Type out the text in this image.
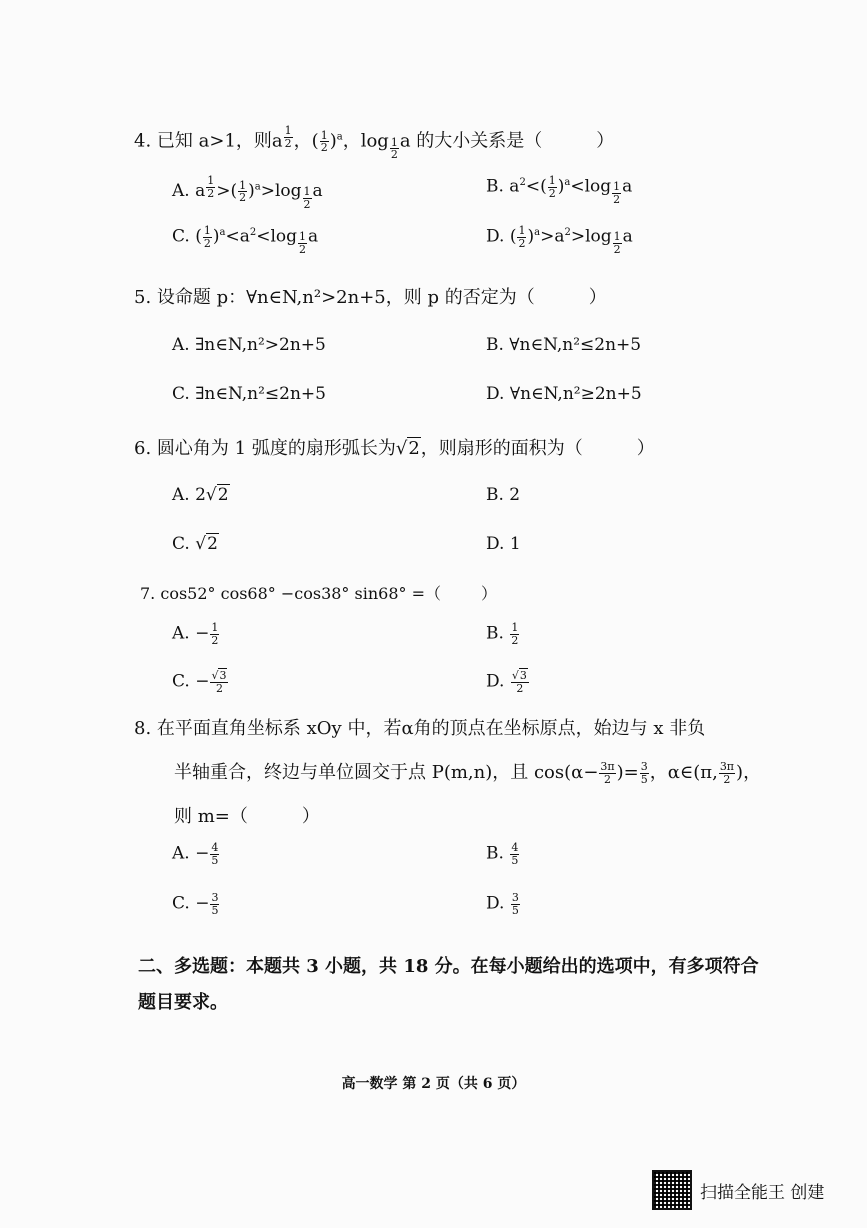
4. 已知 a>1，则a $^{\frac{1}{2}}$ ，( $\frac{1}{2} )^a$，log $_{\frac{1}{2}}$ a 的大小关系是（	）
A. a $^{\frac{1}{2}}$ >( $\frac{1}{2} )^a>\log$ $_{\frac{1}{2}}$ a	B. $a^2<( \frac{1}{2} )^a<\log$ $_{\frac{1}{2}}$ a
C. ( $\frac{1}{2} )^a<a^2<\log$ $_{\frac{1}{2}}$ a	D. ( $\frac{1}{2} )^a>a^2>\log$ $_{\frac{1}{2}}$ a
5. 设命题 p：∀n∈N,n²>2n+5，则 p 的否定为（	）
A. ∃n∈N,n²>2n+5	B. ∀n∈N,n²≤2n+5
C. ∃n∈N,n²≤2n+5	D. ∀n∈N,n²≥2n+5
6. 圆心角为 1 弧度的扇形弧长为√2，则扇形的面积为（	）
A. 2√2	B. 2
C. √2	D. 1
7. cos52° cos68° −cos38° sin68° =（	）
A. − $\frac{1}{2}$	B. $\frac{1}{2}$
C. − $\frac{√3}{2}$	D. $\frac{√3}{2}$
8. 在平面直角坐标系 xOy 中，若α角的顶点在坐标原点，始边与 x 非负
半轴重合，终边与单位圆交于点 P(m,n)，且 $\cos(\alpha- \frac{3\pi}{2}$ )= $\frac{3}{5}$ ，α∈(π, $\frac{3\pi}{2}$ )，
则 m=（	）
A. − $\frac{4}{5}$	B. $\frac{4}{5}$
C. − $\frac{3}{5}$	D. $\frac{3}{5}$
二、多选题：本题共 3 小题，共 18 分。在每小题给出的选项中，有多项符合
题目要求。
高一数学 第 2 页（共 6 页）
扫描全能王 创建
